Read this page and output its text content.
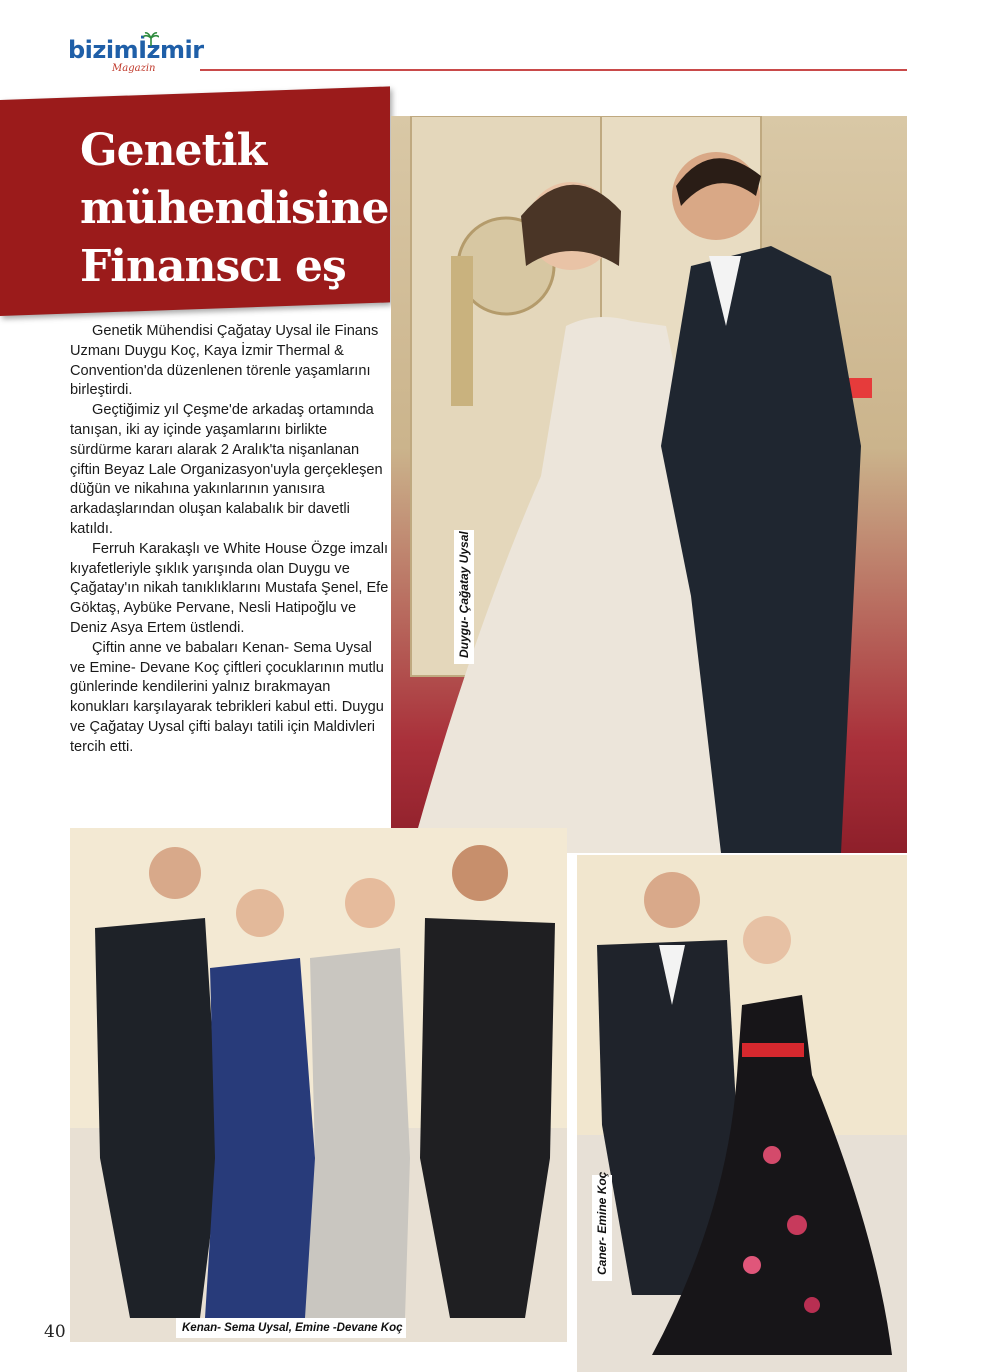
bizimİzmir
Magazin
Genetik
mühendisine
Finanscı eş
Duygu- Çağatay Uysal

Genetik Mühendisi Çağatay Uysal ile Finans Uzmanı Duygu Koç, Kaya İzmir Thermal & Convention'da düzenlenen törenle yaşamlarını birleştirdi.

Geçtiğimiz yıl Çeşme'de arkadaş ortamında tanışan, iki ay içinde yaşamlarını birlikte sürdürme kararı alarak 2 Aralık'ta nişanlanan çiftin Beyaz Lale Organizasyon'uyla gerçekleşen düğün ve nikahına yakınlarının yanısıra arkadaşlarından oluşan kalabalık bir davetli katıldı.

Ferruh Karakaşlı ve White House Özge imzalı kıyafetleriyle şıklık yarışında olan Duygu ve Çağatay'ın nikah tanıklıklarını Mustafa Şenel, Efe Göktaş, Aybüke Pervane, Nesli Hatipoğlu ve Deniz Asya Ertem üstlendi.

Çiftin anne ve babaları Kenan- Sema Uysal ve Emine- Devane Koç çiftleri çocuklarının mutlu günlerinde kendilerini yalnız bırakmayan konukları karşılayarak tebrikleri kabul etti. Duygu ve Çağatay Uysal çifti balayı tatili için Maldivleri tercih etti.

Kenan- Sema Uysal, Emine -Devane Koç
Caner- Emine Koç
40
